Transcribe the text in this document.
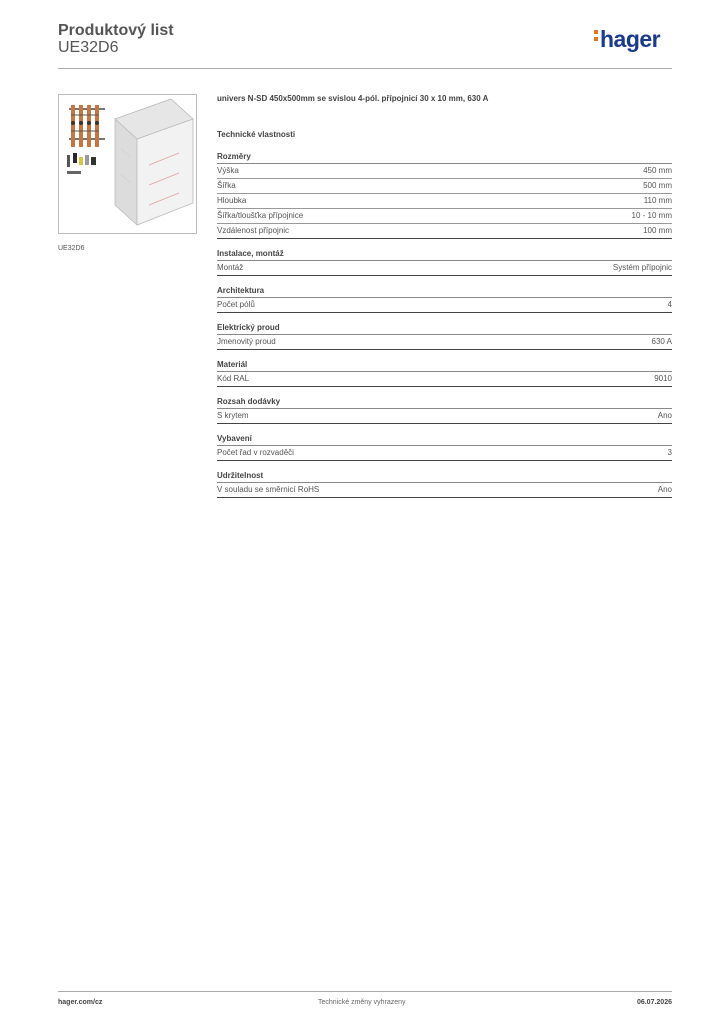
Produktový list
UE32D6	hager
UE32D6
univers N-SD 450x500mm se svislou 4-pól. přípojnicí 30 x 10 mm, 630 A
Technické vlastnosti
Rozměry
Výška	450 mm
Šířka	500 mm
Hloubka	110 mm
Šířka/tloušťka přípojnice	10 - 10 mm
Vzdálenost přípojnic	100 mm
Instalace, montáž
Montáž	Systém přípojnic
Architektura
Počet pólů	4
Elektrický proud
Jmenovitý proud	630 A
Materiál
Kód RAL	9010
Rozsah dodávky
S krytem	Ano
Vybavení
Počet řad v rozvaděči	3
Udržitelnost
V souladu se směrnicí RoHS	Ano
hager.com/cz	Technické změny vyhrazeny	06.07.2026
